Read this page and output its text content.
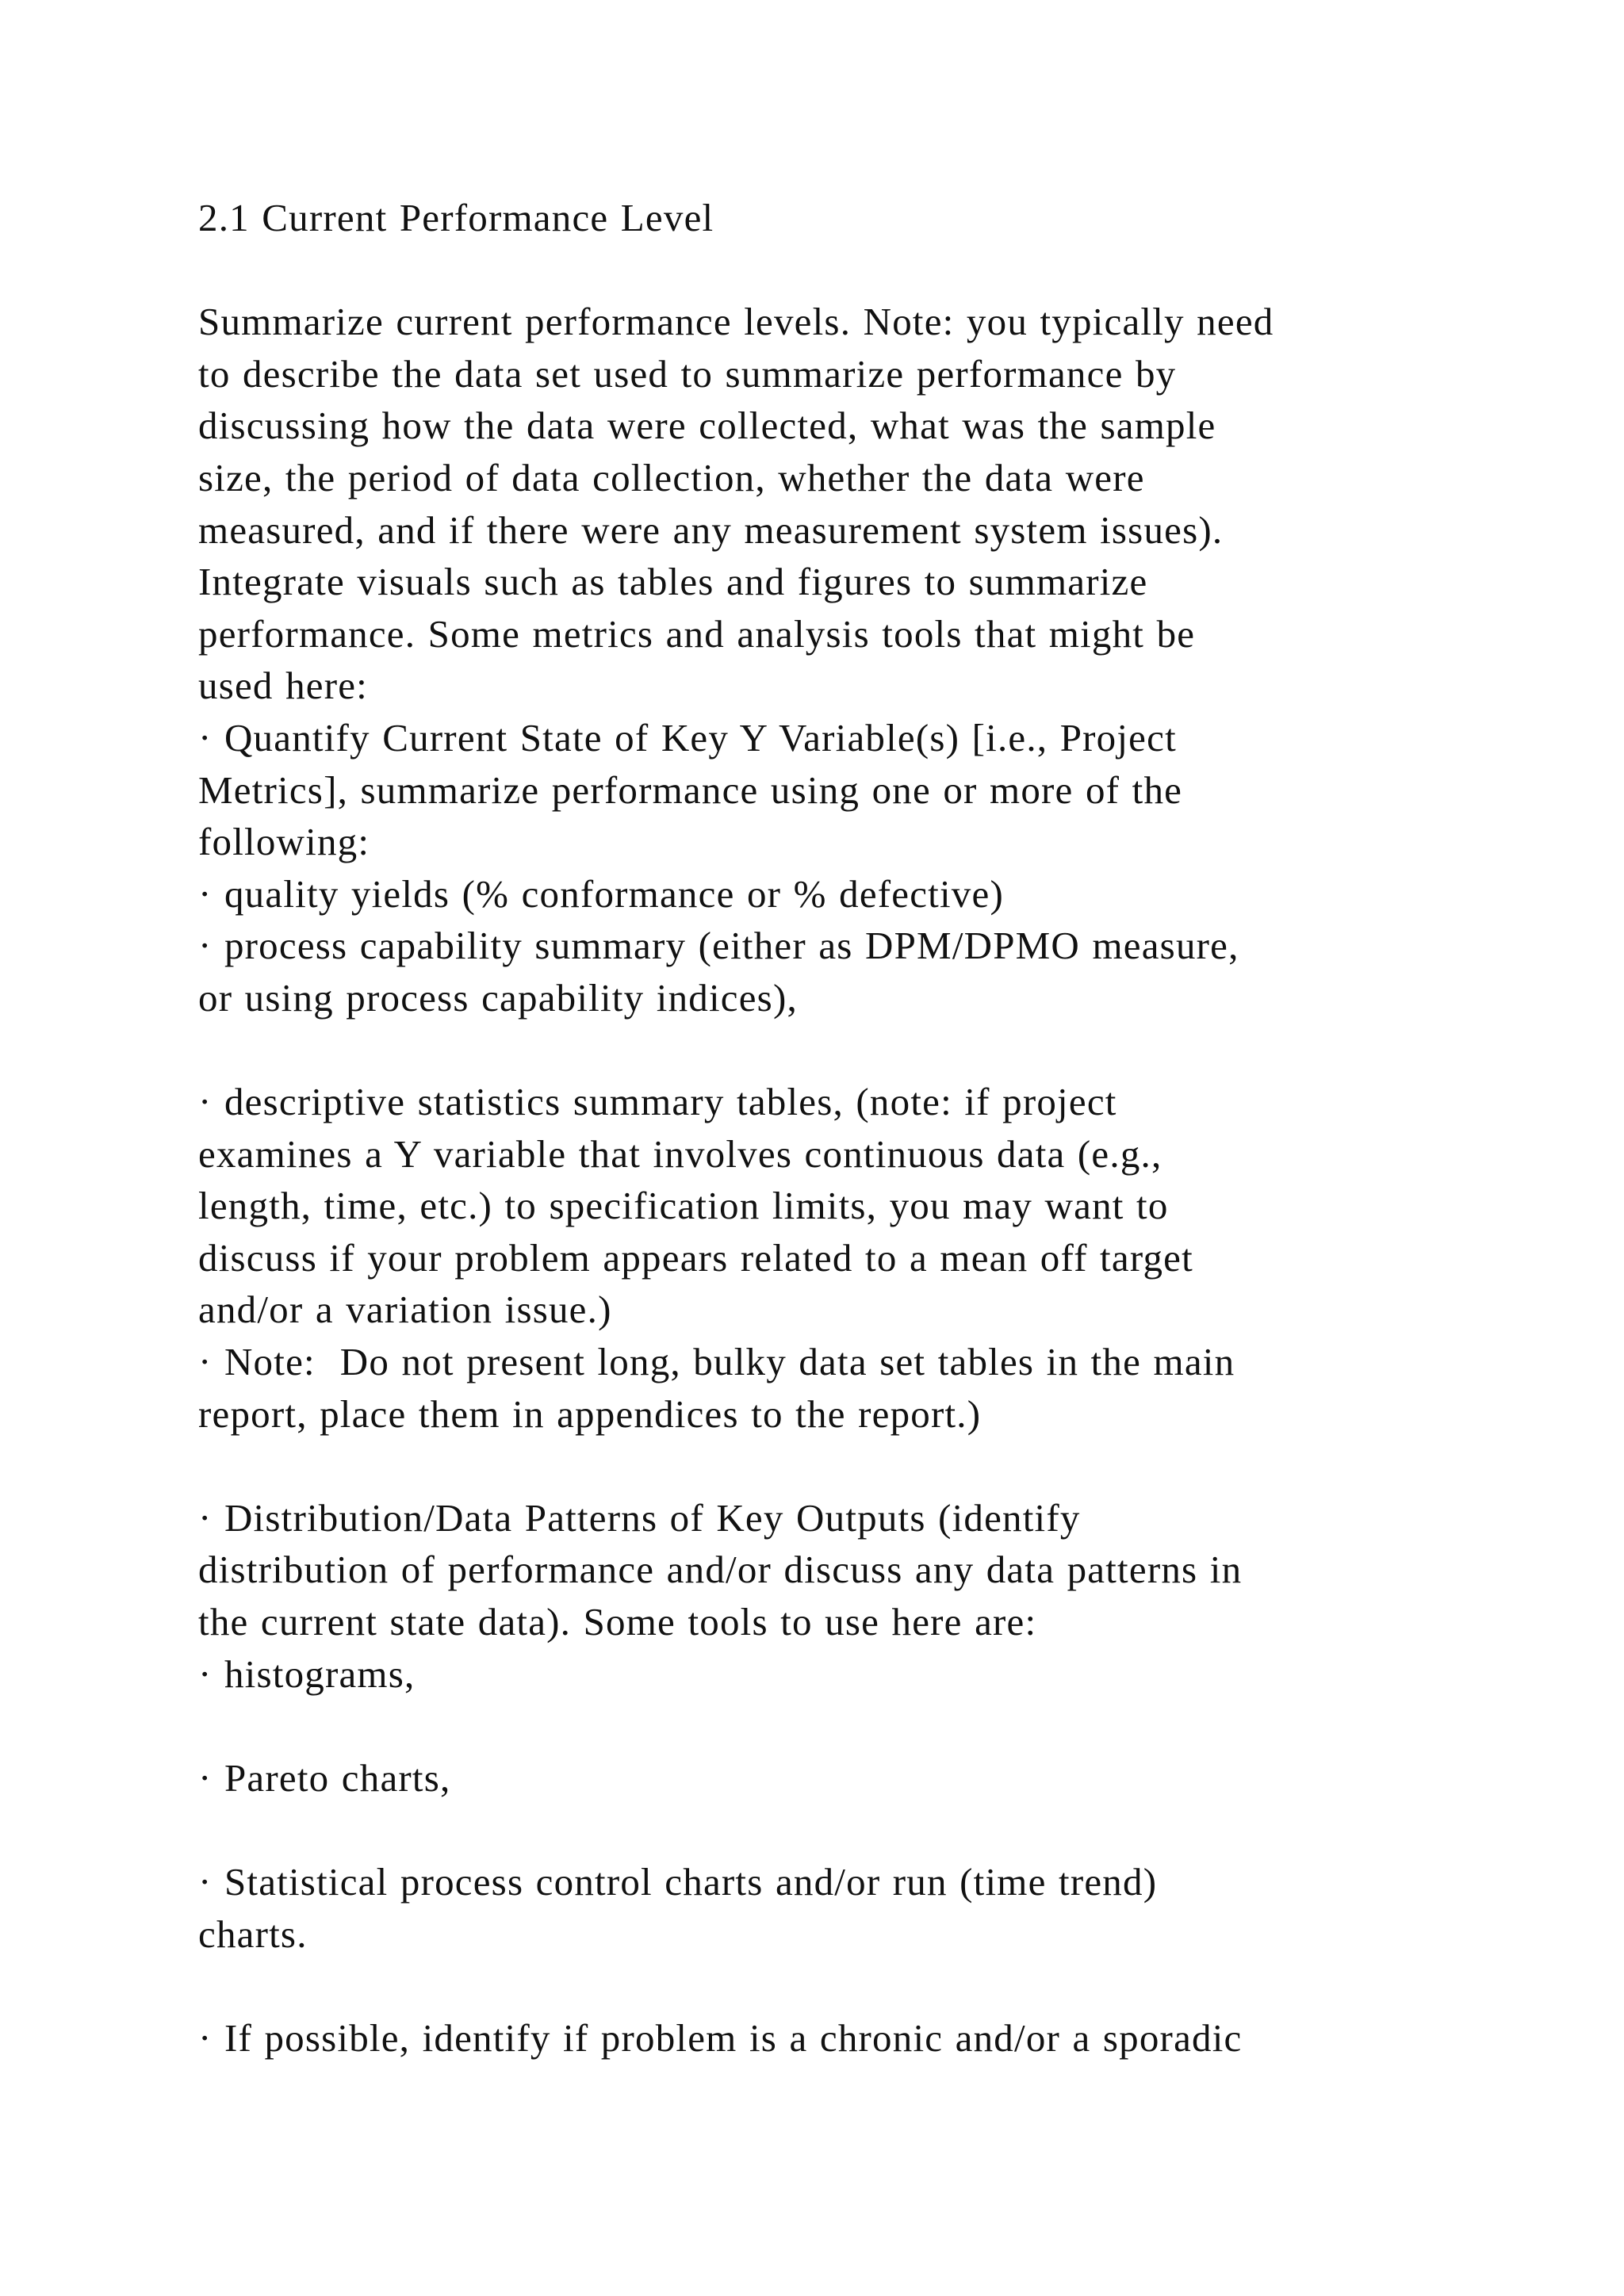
2.1 Current Performance Level
Summarize current performance levels. Note: you typically need
to describe the data set used to summarize performance by
discussing how the data were collected, what was the sample
size, the period of data collection, whether the data were
measured, and if there were any measurement system issues).
Integrate visuals such as tables and figures to summarize
performance. Some metrics and analysis tools that might be
used here:
· Quantify Current State of Key Y Variable(s) [i.e., Project
Metrics], summarize performance using one or more of the
following:
· quality yields (% conformance or % defective)
· process capability summary (either as DPM/DPMO measure,
or using process capability indices),
· descriptive statistics summary tables, (note: if project
examines a Y variable that involves continuous data (e.g.,
length, time, etc.) to specification limits, you may want to
discuss if your problem appears related to a mean off target
and/or a variation issue.)
· Note:  Do not present long, bulky data set tables in the main
report, place them in appendices to the report.)
· Distribution/Data Patterns of Key Outputs (identify
distribution of performance and/or discuss any data patterns in
the current state data). Some tools to use here are:
· histograms,
· Pareto charts,
· Statistical process control charts and/or run (time trend)
charts.
· If possible, identify if problem is a chronic and/or a sporadic
